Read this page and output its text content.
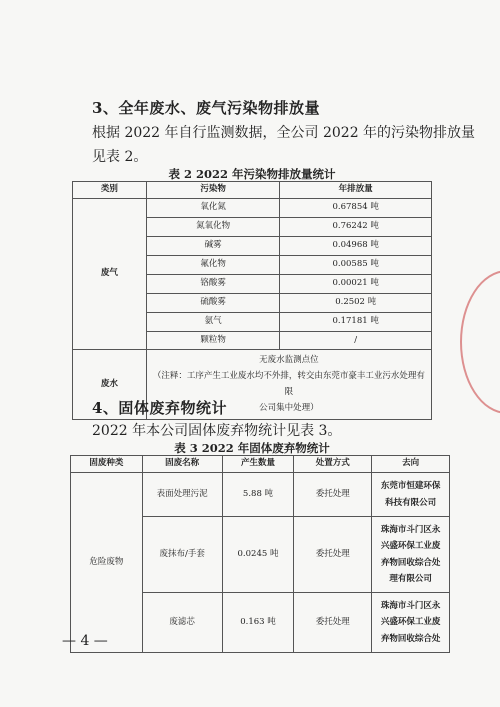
3、全年废水、废气污染物排放量
根据 2022 年自行监测数据，全公司 2022 年的污染物排放量
见表 2。
表 2 2022 年污染物排放量统计
类别	污染物	年排放量
废气	氧化氮	0.67854 吨
	氮氧化物	0.76242 吨
	碱雾	0.04968 吨
	氟化物	0.00585 吨
	铬酸雾	0.00021 吨
	硫酸雾	0.2502 吨
	氨气	0.17181 吨
	颗粒物	/
废水	无废水监测点位
（注释：工序产生工业废水均不外排，转交由东莞市豪丰工业污水处理有限
公司集中处理）	
4、固体废弃物统计
2022 年本公司固体废弃物统计见表 3。
表 3 2022 年固体废弃物统计
固废种类	固废名称	产生数量	处置方式	去向
危险废物	表面处理污泥	5.88 吨	委托处理	东莞市恒建环保
科技有限公司

	废抹布/手套	0.0245 吨	委托处理	珠海市斗门区永
兴盛环保工业废
弃物回收综合处
理有限公司

	废滤芯	0.163 吨	委托处理	珠海市斗门区永
兴盛环保工业废
弃物回收综合处
— 4 —
